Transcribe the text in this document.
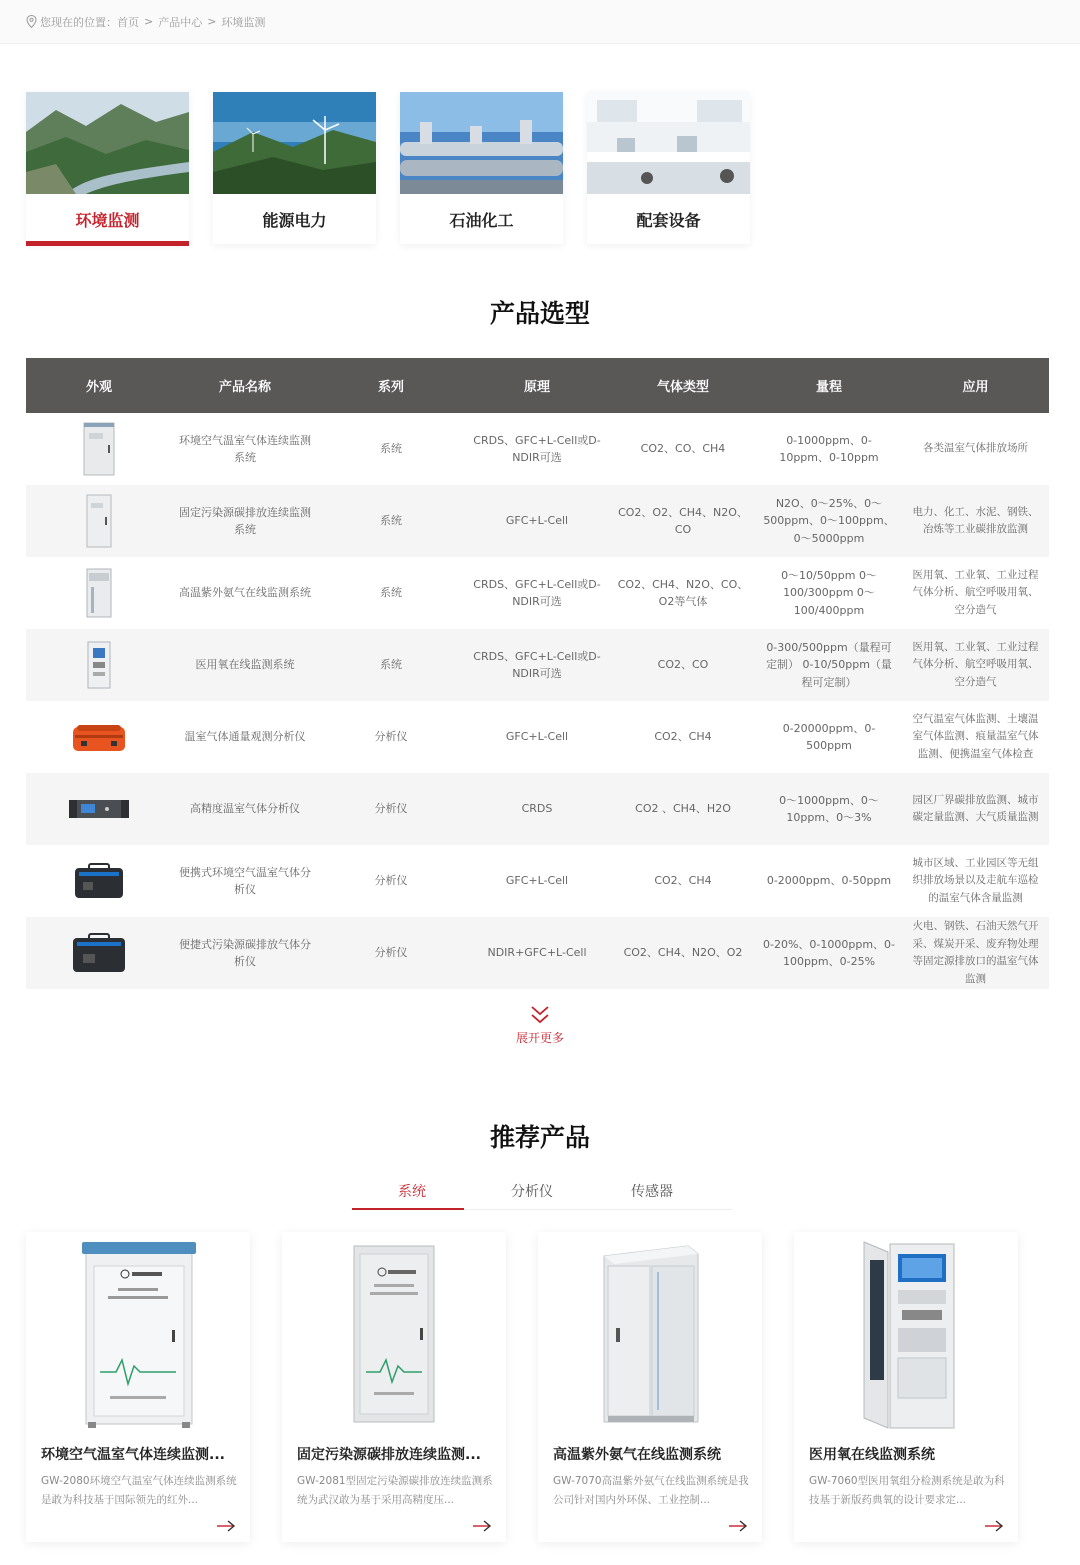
您现在的位置： 首页 > 产品中心 > 环境监测
环境监测	能源电力	石油化工	配套设备
产品选型
外观	产品名称	系列	原理	气体类型	量程	应用
	环境空气温室气体连续监测系统	系统	CRDS、GFC+L-Cell或D-NDIR可选	CO2、CO、CH4	0-1000ppm、0-10ppm、0-10ppm	各类温室气体排放场所
	固定污染源碳排放连续监测系统	系统	GFC+L-Cell	CO2、O2、CH4、N2O、CO	N2O、0～25%、0～500ppm、0～100ppm、0～5000ppm	电力、化工、水泥、钢铁、冶炼等工业碳排放监测
	高温紫外氨气在线监测系统	系统	CRDS、GFC+L-Cell或D-NDIR可选	CO2、CH4、N2O、CO、O2等气体	0～10/50ppm 0～100/300ppm 0～100/400ppm	医用氧、工业氧、工业过程气体分析、航空呼吸用氧、空分造气
	医用氧在线监测系统	系统	CRDS、GFC+L-Cell或D-NDIR可选	CO2、CO	0-300/500ppm（量程可定制） 0-10/50ppm（量程可定制）	医用氧、工业氧、工业过程气体分析、航空呼吸用氧、空分造气
	温室气体通量观测分析仪	分析仪	GFC+L-Cell	CO2、CH4	0-20000ppm、0-500ppm	空气温室气体监测、土壤温室气体监测、痕量温室气体监测、便携温室气体检查
	高精度温室气体分析仪	分析仪	CRDS	CO2 、CH4、H2O	0～1000ppm、0～10ppm、0～3%	园区厂界碳排放监测、城市碳定量监测、大气质量监测
	便携式环境空气温室气体分析仪	分析仪	GFC+L-Cell	CO2、CH4	0-2000ppm、0-50ppm	城市区域、工业园区等无组织排放场景以及走航车巡检的温室气体含量监测
	便捷式污染源碳排放气体分析仪	分析仪	NDIR+GFC+L-Cell	CO2、CH4、N2O、O2	0-20%、0-1000ppm、0-100ppm、0-25%	火电、钢铁、石油天然气开采、煤炭开采、废弃物处理等固定源排放口的温室气体监测
展开更多
推荐产品
系统	分析仪	传感器
环境空气温室气体连续监测...
GW-2080环境空气温室气体连续监测系统是敢为科技基于国际领先的红外...
固定污染源碳排放连续监测...
GW-2081型固定污染源碳排放连续监测系统为武汉敢为基于采用高精度压...
高温紫外氨气在线监测系统
GW-7070高温紫外氨气在线监测系统是我公司针对国内外环保、工业控制...
医用氧在线监测系统
GW-7060型医用氧组分检测系统是敢为科技基于新版药典氧的设计要求定...
